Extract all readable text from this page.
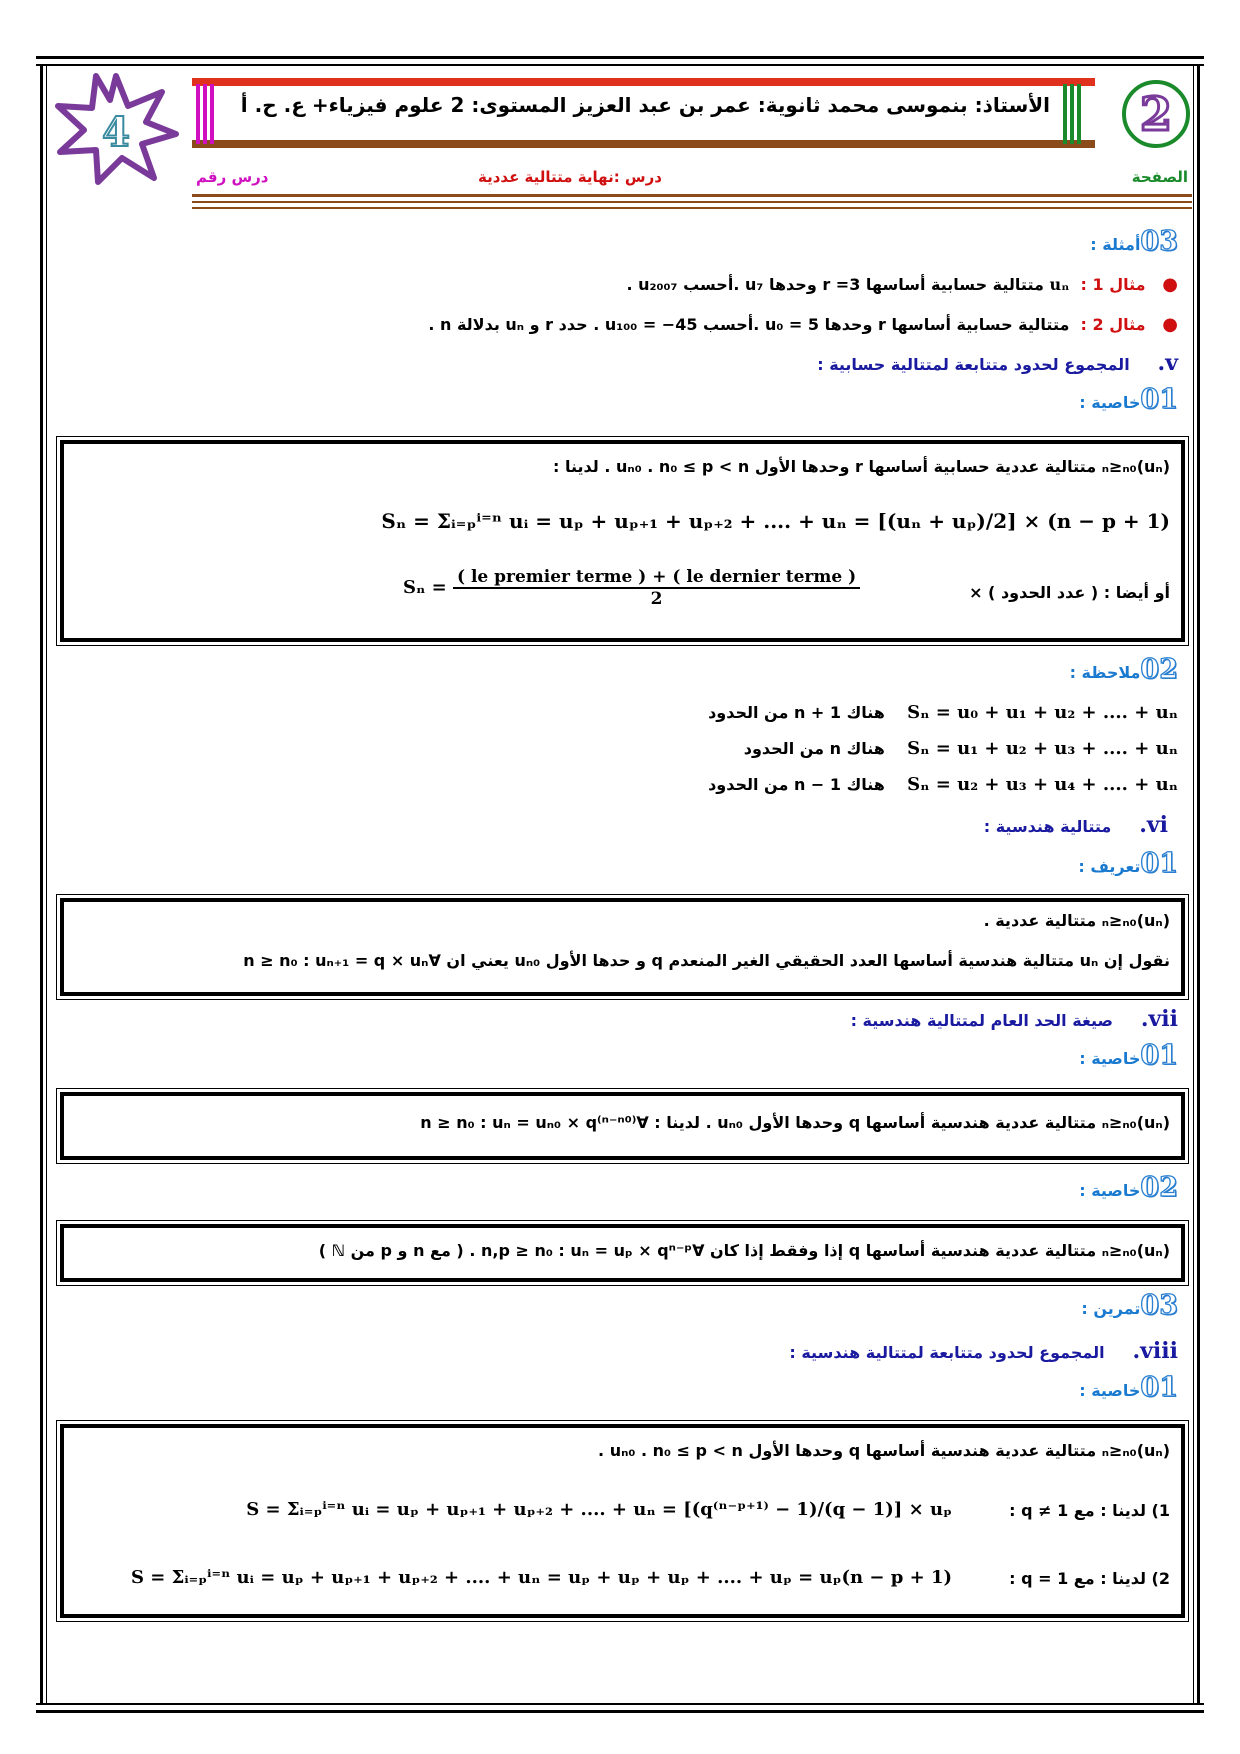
4
الأستاذ: بنموسى محمد ثانوية: عمر بن عبد العزيز المستوى: 2 علوم فيزياء+ ع. ح. أ 2
الصفحة
درس :نهاية متتالية عددية
درس رقم
03أمثلة :
●   مثال 1 :  uₙ متتالية حسابية أساسها 3= r وحدها u₇ .أحسب u₂₀₀₇ .
●   مثال 2 :  متتالية حسابية أساسها r وحدها u₀ = 5 .أحسب u₁₀₀ = −45 . حدد r و uₙ بدلالة n .
v.     المجموع لحدود متتابعة لمتتالية حسابية :
01خاصية :
(uₙ)ₙ≥ₙ₀ متتالية عددية حسابية أساسها r وحدها الأول uₙ₀ . n₀ ≤ p < n . لدينا :
Sₙ = Σᵢ₌ₚⁱ⁼ⁿ uᵢ = uₚ + uₚ₊₁ + uₚ₊₂ + .... + uₙ = [(uₙ + uₚ)/2] × (n − p + 1)
أو أيضا : ( عدد الحدود ) ×
$S_n = \frac{\text{( le premier terme ) + ( le dernier terme )}}{2}$
02ملاحظة :
Sₙ = u₀ + u₁ + u₂ + .... + uₙ    هناك n + 1 من الحدود
Sₙ = u₁ + u₂ + u₃ + .... + uₙ    هناك n من الحدود
Sₙ = u₂ + u₃ + u₄ + .... + uₙ    هناك n − 1 من الحدود
vi.     متتالية هندسية :
01تعريف :
(uₙ)ₙ≥ₙ₀ متتالية عددية .
نقول إن uₙ متتالية هندسية أساسها العدد الحقيقي الغير المنعدم q و حدها الأول uₙ₀ يعني ان ∀n ≥ n₀ : uₙ₊₁ = q × uₙ
vii.     صيغة الحد العام لمتتالية هندسية :
01خاصية :
(uₙ)ₙ≥ₙ₀ متتالية عددية هندسية أساسها q وحدها الأول uₙ₀ . لدينا : ∀n ≥ n₀ : uₙ = uₙ₀ × q⁽ⁿ⁻ⁿ⁰⁾
02خاصية :
(uₙ)ₙ≥ₙ₀ متتالية عددية هندسية أساسها q إذا وفقط إذا كان ∀n,p ≥ n₀ : uₙ = uₚ × qⁿ⁻ᵖ . ( مع n و p من ℕ )
03تمرين :
viii.     المجموع لحدود متتابعة لمتتالية هندسية :
01خاصية :
(uₙ)ₙ≥ₙ₀ متتالية عددية هندسية أساسها q وحدها الأول uₙ₀ . n₀ ≤ p < n .
1) لدينا : مع q ≠ 1 :
S = Σᵢ₌ₚⁱ⁼ⁿ uᵢ = uₚ + uₚ₊₁ + uₚ₊₂ + .... + uₙ = [(q⁽ⁿ⁻ᵖ⁺¹⁾ − 1)/(q − 1)] × uₚ
2) لدينا : مع q = 1 :
S = Σᵢ₌ₚⁱ⁼ⁿ uᵢ = uₚ + uₚ₊₁ + uₚ₊₂ + .... + uₙ = uₚ + uₚ + uₚ + .... + uₚ = uₚ(n − p + 1)
